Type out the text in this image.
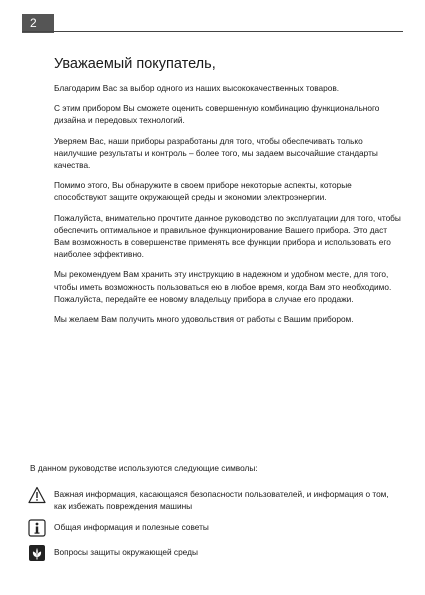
2
Уважаемый покупатель,

Благодарим Вас за выбор одного из наших высококачественных товаров.

С этим прибором Вы сможете оценить совершенную комбинацию функционального дизайна и передовых технологий.

Уверяем Вас, наши приборы разработаны для того, чтобы обеспечивать только наилучшие результаты и контроль – более того, мы задаем высочайшие стандарты качества.

Помимо этого, Вы обнаружите в своем приборе некоторые аспекты, которые способствуют защите окружающей среды и экономии электроэнергии.

Пожалуйста, внимательно прочтите данное руководство по эксплуатации для того, чтобы обеспечить оптимальное и правильное функционирование Вашего прибора. Это даст Вам возможность в совершенстве применять все функции прибора и использовать его наиболее эффективно.

Мы рекомендуем Вам хранить эту инструкцию в надежном и удобном месте, для того, чтобы иметь возможность пользоваться ею в любое время, когда Вам это необходимо. Пожалуйста, передайте ее новому владельцу прибора в случае его продажи.

Мы желаем Вам получить много удовольствия от работы с Вашим прибором.

В данном руководстве используются следующие символы:

Важная информация, касающаяся безопасности пользователей, и информация о том, как избежать повреждения машины

Общая информация и полезные советы

Вопросы защиты окружающей среды
